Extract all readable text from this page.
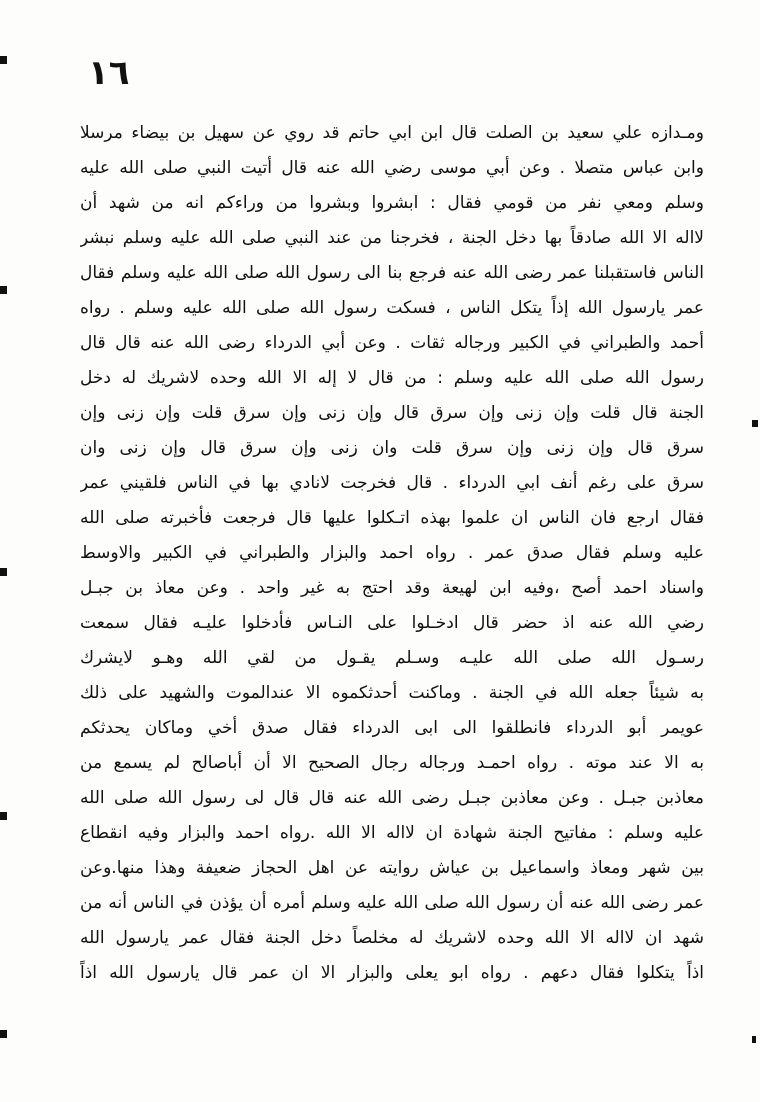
١٦
ومـدازه علي سعيد بن الصلت قال ابن ابي حاتم قد روي عن سهيل بن بيضاء مرسلا
وابن عباس متصلا . وعن أبي موسى رضي الله عنه قال أتيت النبي صلى الله عليه
وسلم ومعي نفر من قومي فقال : ابشروا وبشروا من وراءكم انه من شهد أن
لااله الا الله صادقاً بها دخل الجنة ، فخرجنا من عند النبي صلى الله عليه وسلم نبشر
الناس فاستقبلنا عمر رضى الله عنه فرجع بنا الى رسول الله صلى الله عليه وسلم فقال
عمر يارسول الله إذاً يتكل الناس ، فسكت رسول الله صلى الله عليه وسلم . رواه
أحمد والطبراني في الكبير ورجاله ثقات . وعن أبي الدرداء رضى الله عنه قال قال
رسول الله صلى الله عليه وسلم : من قال لا إله الا الله وحده لاشريك له دخل
الجنة قال قلت وإن زنى وإن سرق قال وإن زنى وإن سرق قلت وإن زنى وإن
سرق قال وإن زنى وإن سرق قلت وان زنى وإن سرق قال وإن زنى وان
سرق على رغم أنف ابي الدرداء . قال فخرجت لانادي بها في الناس فلقيني عمر
فقال ارجع فان الناس ان علموا بهذه اتـكلوا عليها قال فرجعت فأخبرته صلى الله
عليه وسلم فقال صدق عمر . رواه احمد والبزار والطبراني في الكبير والاوسط
واسناد احمد أصح ،وفيه ابن لهيعة وقد احتج به غير واحد . وعن معاذ بن جبـل
رضي الله عنه اذ حضر قال ادخـلوا على النـاس فأدخلوا عليـه فقال سمعت
رسـول الله صلى الله عليـه وسـلم يقـول من لقي الله وهـو لايشرك
به شيئاً جعله الله في الجنة . وماكنت أحدثكموه الا عندالموت والشهيد على ذلك
عويمر أبو الدرداء فانطلقوا الى ابى الدرداء فقال صدق أخي وماكان يحدثكم
به الا عند موته . رواه احمـد ورجاله رجال الصحيح الا أن أباصالح لم يسمع من
معاذبن جبـل . وعن معاذبن جبـل رضى الله عنه قال قال لى رسول الله صلى الله
عليه وسلم : مفاتيح الجنة شهادة ان لااله الا الله .رواه احمد والبزار وفيه انقطاع
بين شهر ومعاذ واسماعيل بن عياش روايته عن اهل الحجاز ضعيفة وهذا منها.وعن
عمر رضى الله عنه أن رسول الله صلى الله عليه وسلم أمره أن يؤذن في الناس أنه من
شهد ان لااله الا الله وحده لاشريك له مخلصاً دخل الجنة فقال عمر يارسول الله
اذاً يتكلوا فقال دعهم . رواه ابو يعلى والبزار الا ان عمر قال يارسول الله اذاً
